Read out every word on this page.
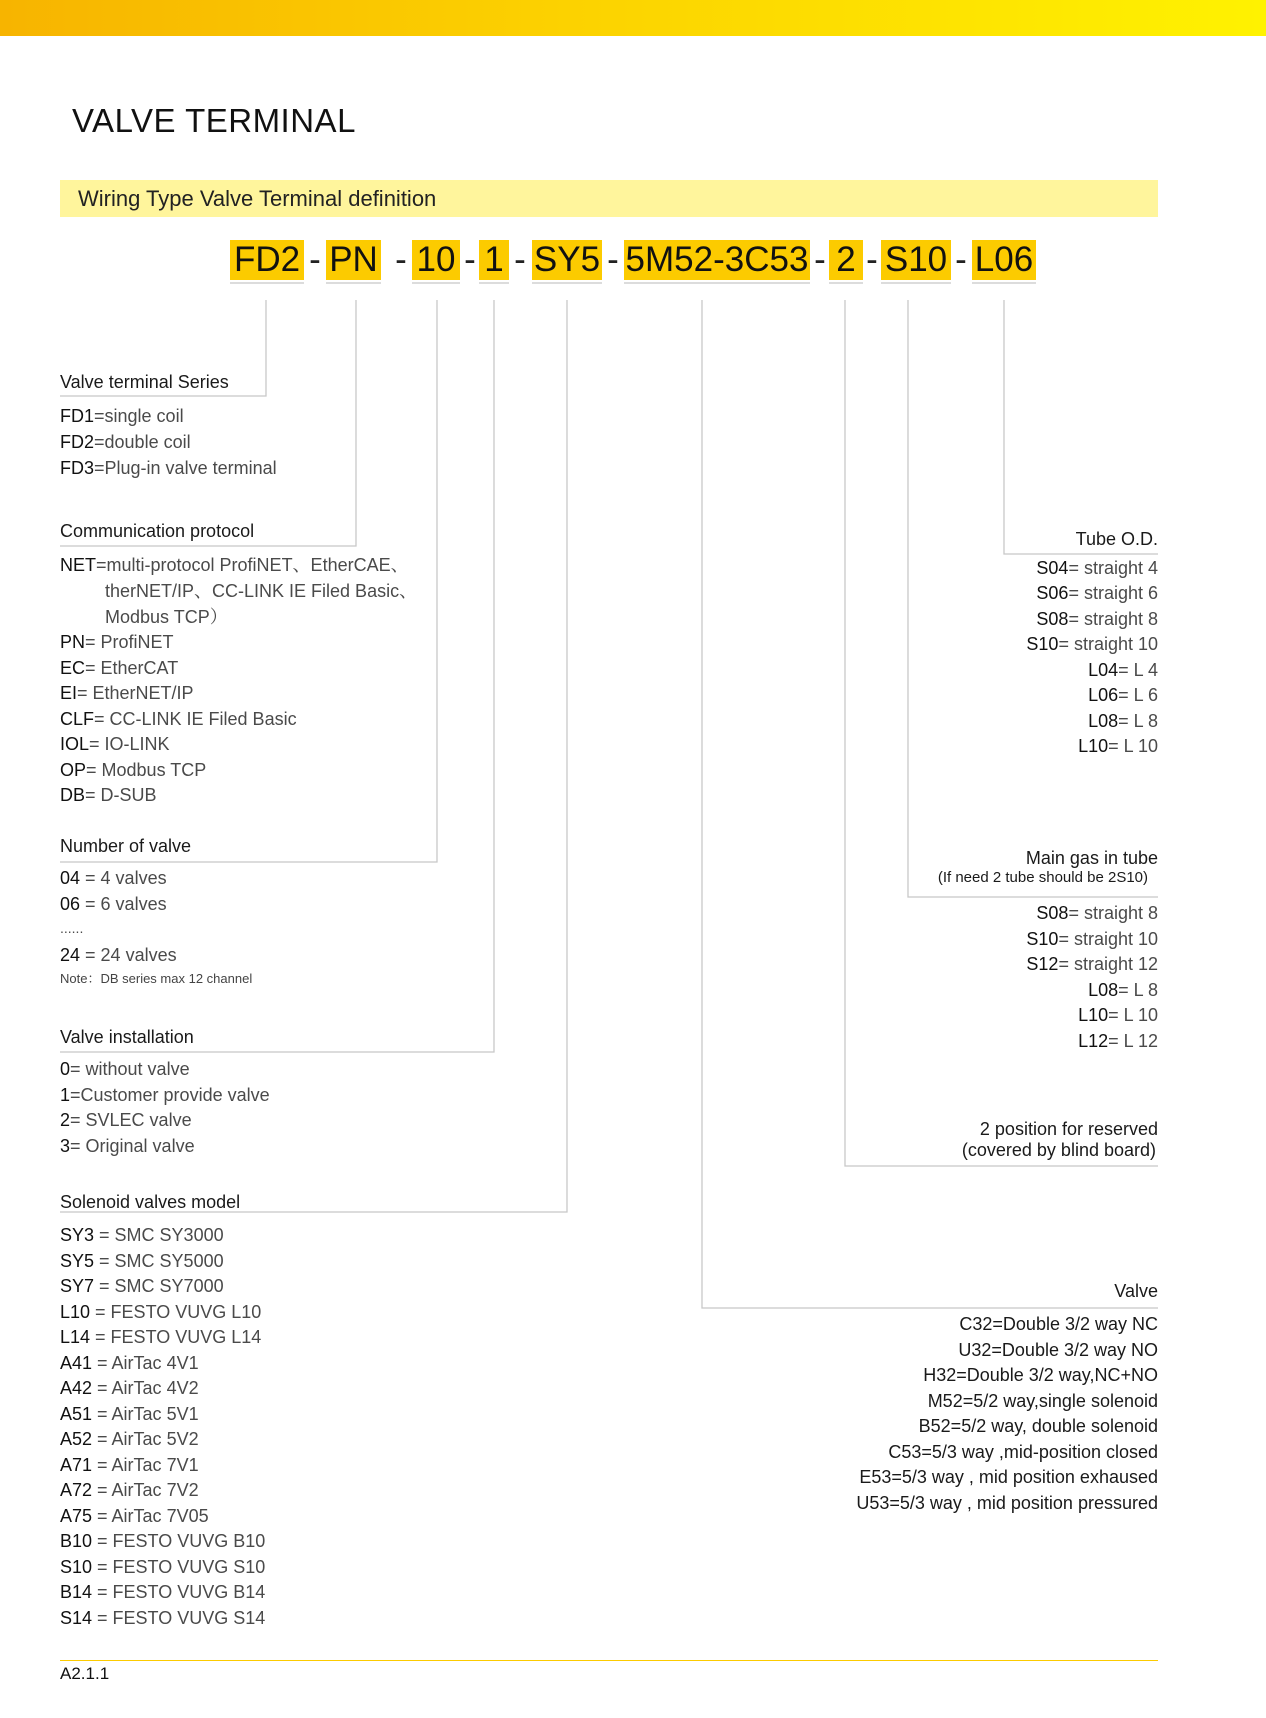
VALVE TERMINAL
Wiring Type Valve Terminal definition
FD2 - PN - 10 - 1 - SY5 - 5M52-3C53 - 2 - S10 - L06
Valve terminal Series
FD1=single coil
FD2=double coil
FD3=Plug-in valve terminal
Communication protocol
NET=multi-protocol ProfiNET、EtherCAE、
therNET/IP、CC-LINK IE Filed Basic、
Modbus TCP）
PN= ProfiNET
EC= EtherCAT
EI= EtherNET/IP
CLF= CC-LINK IE Filed Basic
IOL= IO-LINK
OP= Modbus TCP
DB= D-SUB
Number of valve
04 = 4 valves
06 = 6 valves
......
24 = 24 valves
Note：DB series max 12 channel
Valve installation
0= without valve
1=Customer provide valve
2= SVLEC valve
3= Original valve
Solenoid valves model
SY3 = SMC SY3000
SY5 = SMC SY5000
SY7 = SMC SY7000
L10 = FESTO VUVG L10
L14 = FESTO VUVG L14
A41 = AirTac 4V1
A42 = AirTac 4V2
A51 = AirTac 5V1
A52 = AirTac 5V2
A71 = AirTac 7V1
A72 = AirTac 7V2
A75 = AirTac 7V05
B10 = FESTO VUVG B10
S10 = FESTO VUVG S10
B14 = FESTO VUVG B14
S14 = FESTO VUVG S14
Tube O.D.
S04= straight 4
S06= straight 6
S08= straight 8
S10= straight 10
L04= L 4
L06= L 6
L08= L 8
L10= L 10
Main gas in tube
(If need 2 tube should be 2S10)
S08= straight 8
S10= straight 10
S12= straight 12
L08= L 8
L10= L 10
L12= L 12
2 position for reserved
(covered by blind board)
Valve
C32=Double 3/2 way NC
U32=Double 3/2 way NO
H32=Double 3/2 way,NC+NO
M52=5/2 way,single solenoid
B52=5/2 way, double solenoid
C53=5/3 way ,mid-position closed
E53=5/3 way , mid position exhaused
U53=5/3 way , mid position pressured
A2.1.1
